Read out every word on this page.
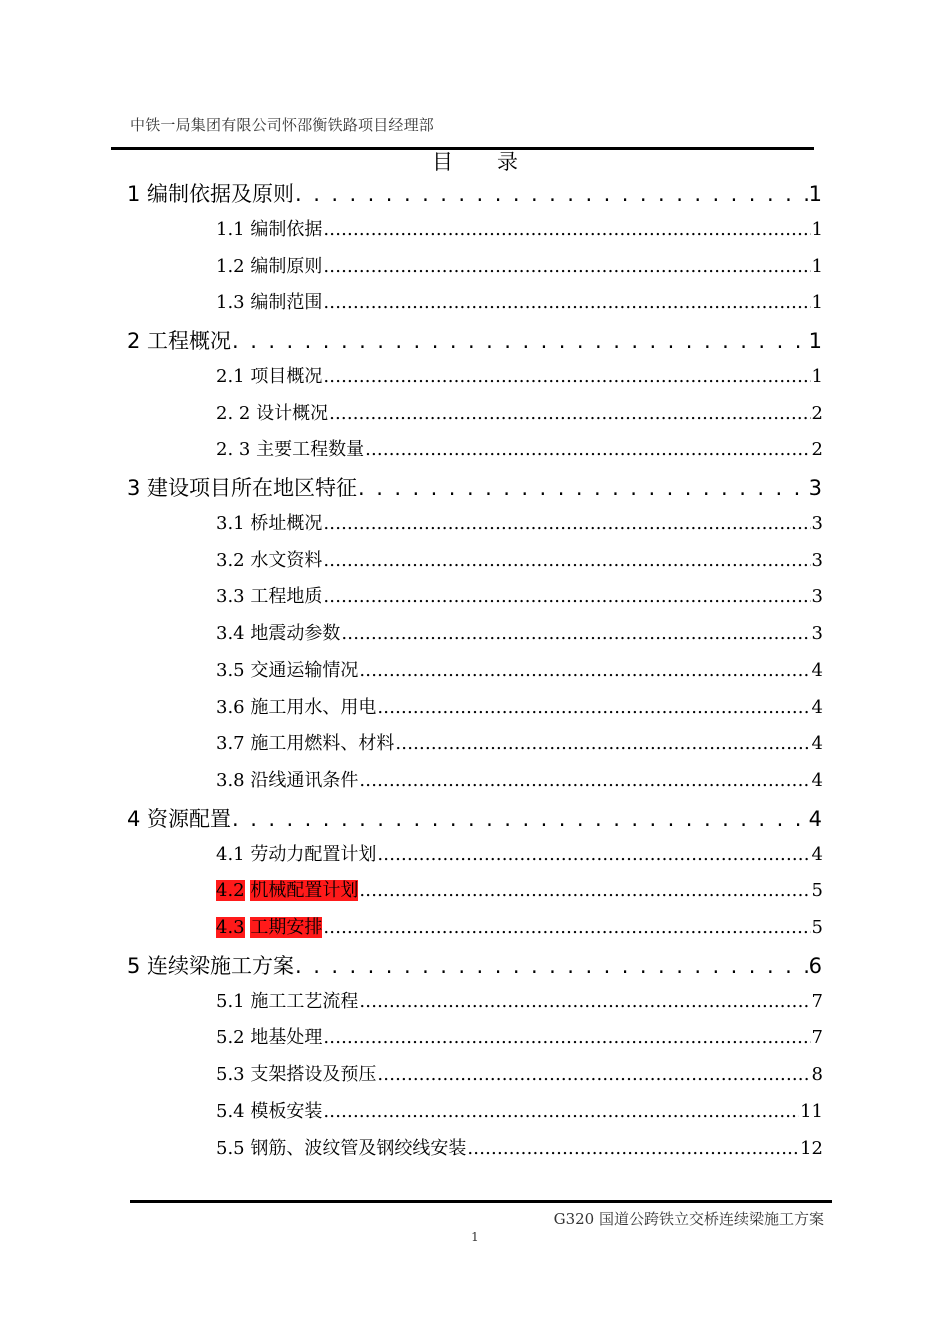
中铁一局集团有限公司怀邵衡铁路项目经理部
目录
1 编制依据及原则 . . .	1
1.1 编制依据 .....	1
1.2 编制原则 .....	1
1.3 编制范围 .....	1
2 工程概况 . . .	1
2.1 项目概况 .....	1
2. 2 设计概况 .....	2
2. 3 主要工程数量 .....	2
3 建设项目所在地区特征 . . .	3
3.1 桥址概况 .....	3
3.2 水文资料 .....	3
3.3 工程地质 .....	3
3.4 地震动参数 .....	3
3.5 交通运输情况 .....	4
3.6 施工用水、用电 .....	4
3.7 施工用燃料、材料 .....	4
3.8 沿线通讯条件 .....	4
4 资源配置 . . .	4
4.1 劳动力配置计划 .....	4
4.2 机械配置计划 .....	5
4.3 工期安排 .....	5
5 连续梁施工方案 . . .	6
5.1 施工工艺流程 .....	7
5.2 地基处理 .....	7
5.3 支架搭设及预压 .....	8
5.4 模板安装 .....	11
5.5 钢筋、波纹管及钢绞线安装 .....	12
G320 国道公跨铁立交桥连续梁施工方案
1
